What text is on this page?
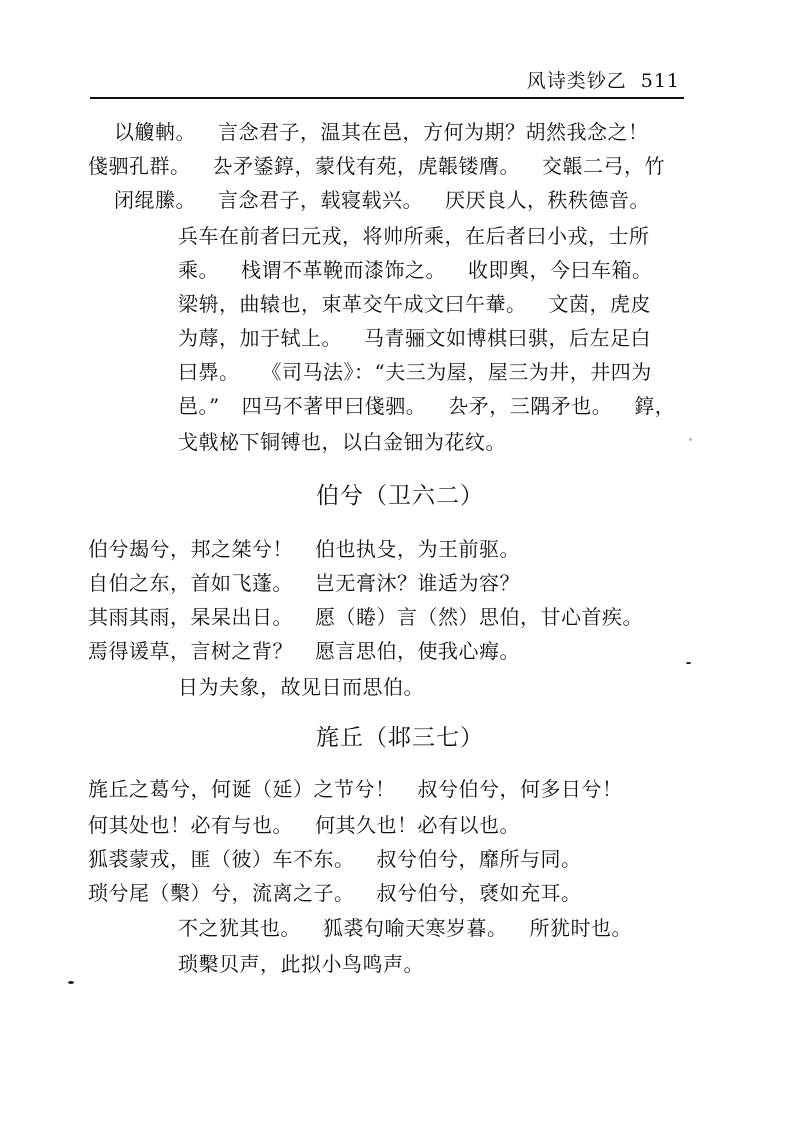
风诗类钞乙 511
以觼軜。 言念君子，温其在邑，方何为期？胡然我念之！
俴驷孔群。 厹矛鋈錞，蒙伐有苑，虎韔镂膺。 交韔二弓，竹
闭绲縢。 言念君子，载寝载兴。 厌厌良人，秩秩德音。
兵车在前者曰元戎，将帅所乘，在后者曰小戎，士所
乘。 栈谓不革鞔而漆饰之。 收即舆，今曰车箱。
梁辀，曲辕也，束革交午成文曰午輂。 文茵，虎皮
为蓐，加于轼上。 马青骊文如博棋曰骐，后左足白
曰馵。 《司马法》：“夫三为屋，屋三为井，井四为
邑。” 四马不著甲曰俴驷。 厹矛，三隅矛也。 錞，
戈戟柲下铜镈也，以白金钿为花纹。
伯兮（卫六二）
伯兮朅兮，邦之桀兮！ 伯也执殳，为王前驱。
自伯之东，首如飞蓬。 岂无膏沐？谁适为容？
其雨其雨，杲杲出日。 愿（睠）言（然）思伯，甘心首疾。
焉得谖草，言树之背？ 愿言思伯，使我心痗。
日为夫象，故见日而思伯。
旄丘（邶三七）
旄丘之葛兮，何诞（延）之节兮！ 叔兮伯兮，何多日兮！
何其处也！必有与也。 何其久也！必有以也。
狐裘蒙戎，匪（彼）车不东。 叔兮伯兮，靡所与同。
琐兮尾（檕）兮，流离之子。 叔兮伯兮，褎如充耳。
不之犹其也。 狐裘句喻天寒岁暮。 所犹时也。
琐檕贝声，此拟小鸟鸣声。
